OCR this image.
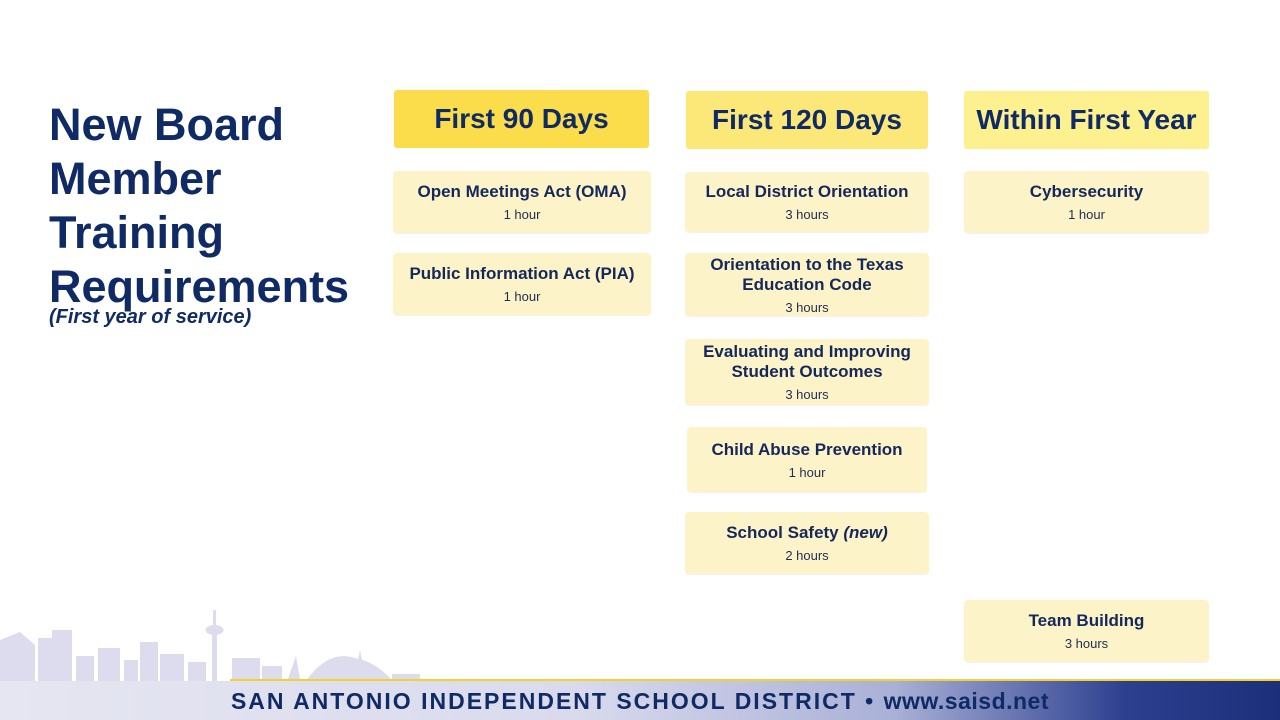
New Board
Member
Training
Requirements
(First year of service)
First 90 Days	First 120 Days	Within First Year
Open Meetings Act (OMA)
1 hour
Public Information Act (PIA)
1 hour
Local District Orientation
3 hours
Orientation to the Texas Education Code
3 hours
Evaluating and Improving Student Outcomes
3 hours
Child Abuse Prevention
1 hour
School Safety (new)
2 hours
Cybersecurity
1 hour
Team Building
3 hours
SAN ANTONIO INDEPENDENT SCHOOL DISTRICT • www.saisd.net
